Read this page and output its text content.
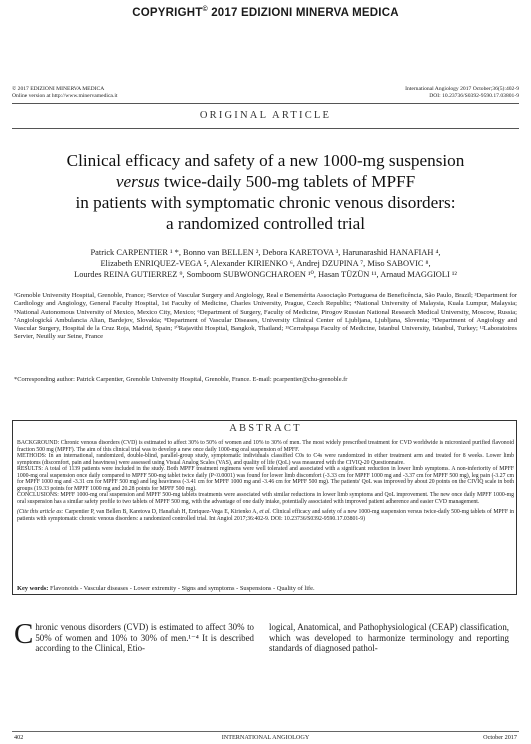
COPYRIGHT© 2017 EDIZIONI MINERVA MEDICA
© 2017 EDIZIONI MINERVA MEDICA
Online version at http://www.minervamedica.it
International Angiology 2017 October;36(5):402-9
DOI: 10.23736/S0392-9590.17.03801-9
ORIGINAL ARTICLE
Clinical efficacy and safety of a new 1000-mg suspension
versus twice-daily 500-mg tablets of MPFF
in patients with symptomatic chronic venous disorders:
a randomized controlled trial
Patrick CARPENTIER ¹ *, Bonno van BELLEN ², Debora KARETOVA ³, Harunarashid HANAFIAH ⁴,
Elizabeth ENRIQUEZ-VEGA ⁵, Alexander KIRIENKO ⁶, Andrej DZUPINA ⁷, Miso SABOVIC ⁸,
Lourdes REINA GUTIERREZ ⁹, Somboom SUBWONGCHAROEN ¹⁰, Hasan TÜZÜN ¹¹, Arnaud MAGGIOLI ¹²
¹Grenoble University Hospital, Grenoble, France; ²Service of Vascular Surgery and Angiology, Real e Benemérita Associação Portuguesa de Beneficência, São Paulo, Brazil; ³Department for Cardiology and Angiology, General Faculty Hospital, 1st Faculty of Medicine, Charles University, Prague, Czech Republic; ⁴National University of Malaysia, Kuala Lumpur, Malaysia; ⁵National Autonomous University of Mexico, Mexico City, Mexico; ⁶Department of Surgery, Faculty of Medicine, Pirogov Russian National Research Medical University, Moscow, Russia; ⁷Angiologická Ambulancia Alian, Bardejov, Slovakia; ⁸Department of Vascular Diseases, University Clinical Center of Ljubljana, Ljubljana, Slovenia; ⁹Department of Angiology and Vascular Surgery, Hospital de la Cruz Roja, Madrid, Spain; ¹⁰Rajavithi Hospital, Bangkok, Thailand; ¹¹Cerrahpaşa Faculty of Medicine, Istanbul University, Istanbul, Turkey; ¹²Laboratoires Servier, Neuilly sur Seine, France
*Corresponding author: Patrick Carpentier, Grenoble University Hospital, Grenoble, France. E-mail: pcarpentier@chu-grenoble.fr
ABSTRACT

BACKGROUND: Chronic venous disorders (CVD) is estimated to affect 30% to 50% of women and 10% to 30% of men. The most widely prescribed treatment for CVD worldwide is micronized purified flavonoid fraction 500 mg (MPFF). The aim of this clinical trial was to develop a new once daily 1000-mg oral suspension of MPFF.

METHODS: In an international, randomized, double-blind, parallel-group study, symptomatic individuals classified C0s to C4s were randomized in either treatment arm and treated for 8 weeks. Lower limb symptoms (discomfort, pain and heaviness) were assessed using Visual Analog Scales (VAS), and quality of life (QoL) was measured with the CIVIQ-20 Questionnaire.

RESULTS: A total of 1139 patients were included in the study. Both MPFF treatment regimens were well tolerated and associated with a significant reduction in lower limb symptoms. A non-inferiority of MPFF 1000-mg oral suspension once daily compared to MPFF 500-mg tablet twice daily (P<0.0001) was found for lower limb discomfort (-3.33 cm for MPFF 1000 mg and -3.37 cm for MPFF 500 mg), leg pain (-3.27 cm for MPFF 1000 mg and -3.31 cm for MPFF 500 mg) and leg heaviness (-3.41 cm for MPFF 1000 mg and -3.46 cm for MPFF 500 mg). The patients' QoL was improved by about 20 points on the CIVIQ scale in both groups (19.33 points for MPFF 1000 mg and 20.28 points for MPFF 500 mg).

CONCLUSIONS: MPFF 1000-mg oral suspension and MPFF 500-mg tablets treatments were associated with similar reductions in lower limb symptoms and QoL improvement. The new once daily MPFF 1000-mg oral suspension has a similar safety profile to two tablets of MPFF 500 mg, with the advantage of one daily intake, potentially associated with improved patient adherence and easier CVD management.

(Cite this article as: Carpentier P, van Bellen B, Karetova D, Hanafiah H, Enriquez-Vega E, Kirienko A, et al. Clinical efficacy and safety of a new 1000-mg suspension versus twice-daily 500-mg tablets of MPFF in patients with symptomatic chronic venous disorders: a randomized controlled trial. Int Angiol 2017;36:402-9. DOI: 10.23736/S0392-9590.17.03801-9)

Key words: Flavonoids - Vascular diseases - Lower extremity - Signs and symptoms - Suspensions - Quality of life.
Chronic venous disorders (CVD) is estimated to affect 30% to 50% of women and 10% to 30% of men.¹⁻⁴ It is described according to the Clinical, Etio-
logical, Anatomical, and Pathophysiological (CEAP) classification, which was developed to harmonize terminology and reporting standards of diagnosed pathol-
402	INTERNATIONAL ANGIOLOGY	October 2017
